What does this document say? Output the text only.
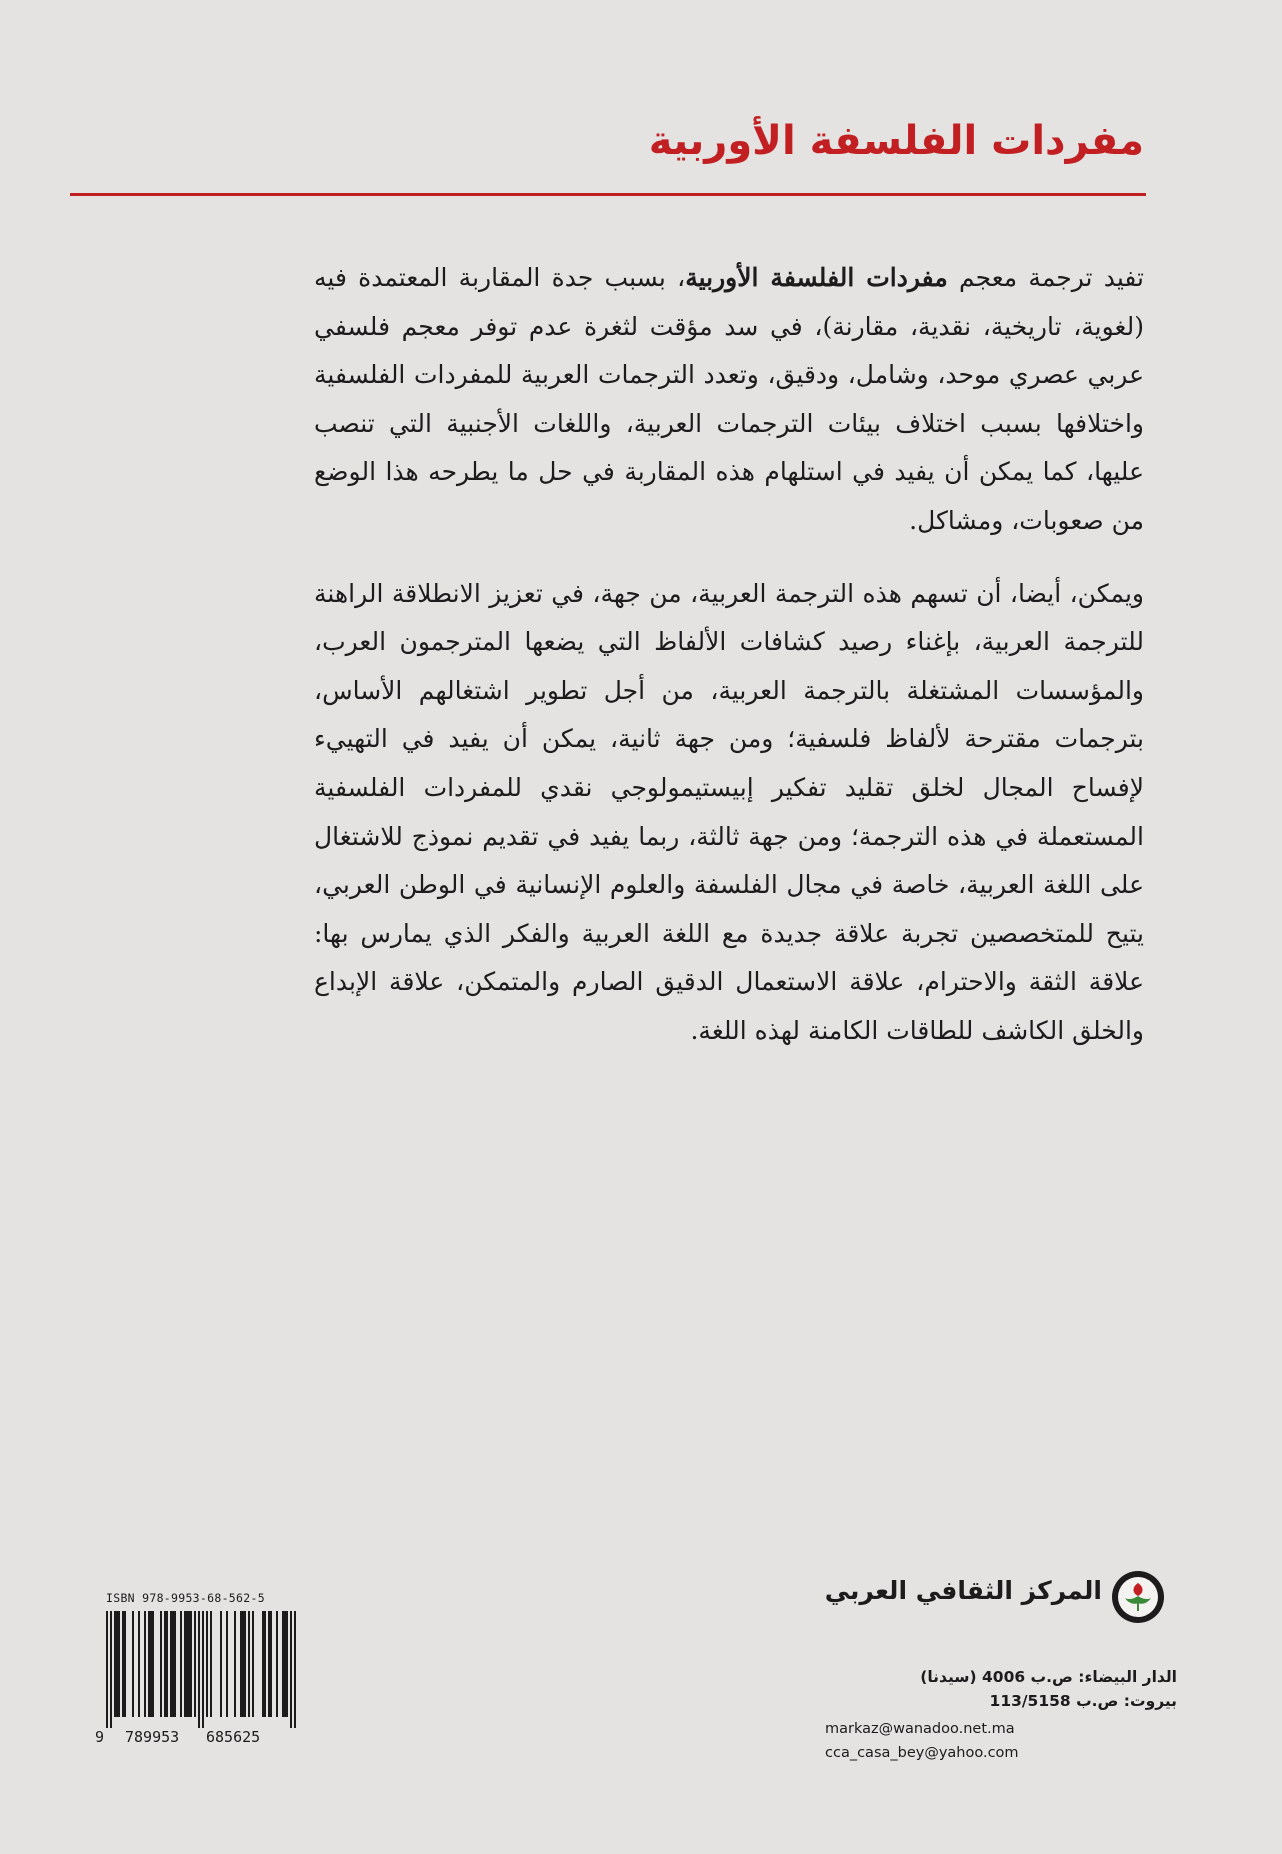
مفردات الفلسفة الأوربية

تفيد ترجمة معجم مفردات الفلسفة الأوربية، بسبب جدة المقاربة المعتمدة فيه (لغوية، تاريخية، نقدية، مقارنة)، في سد مؤقت لثغرة عدم توفر معجم فلسفي عربي عصري موحد، وشامل، ودقيق، وتعدد الترجمات العربية للمفردات الفلسفية واختلافها بسبب اختلاف بيئات الترجمات العربية، واللغات الأجنبية التي تنصب عليها، كما يمكن أن يفيد في استلهام هذه المقاربة في حل ما يطرحه هذا الوضع من صعوبات، ومشاكل.

ويمكن، أيضا، أن تسهم هذه الترجمة العربية، من جهة، في تعزيز الانطلاقة الراهنة للترجمة العربية، بإغناء رصيد كشافات الألفاظ التي يضعها المترجمون العرب، والمؤسسات المشتغلة بالترجمة العربية، من أجل تطوير اشتغالهم الأساس، بترجمات مقترحة لألفاظ فلسفية؛ ومن جهة ثانية، يمكن أن يفيد في التهييء لإفساح المجال لخلق تقليد تفكير إبيستيمولوجي نقدي للمفردات الفلسفية المستعملة في هذه الترجمة؛ ومن جهة ثالثة، ربما يفيد في تقديم نموذج للاشتغال على اللغة العربية، خاصة في مجال الفلسفة والعلوم الإنسانية في الوطن العربي، يتيح للمتخصصين تجربة علاقة جديدة مع اللغة العربية والفكر الذي يمارس بها: علاقة الثقة والاحترام، علاقة الاستعمال الدقيق الصارم والمتمكن، علاقة الإبداع والخلق الكاشف للطاقات الكامنة لهذه اللغة.

ISBN 978-9953-68-562-5
9 789953 685625
المركز الثقافي العربي
الدار البيضاء: ص.ب 4006 (سيدنا)
بيروت: ص.ب 113/5158
markaz@wanadoo.net.ma
cca_casa_bey@yahoo.com
